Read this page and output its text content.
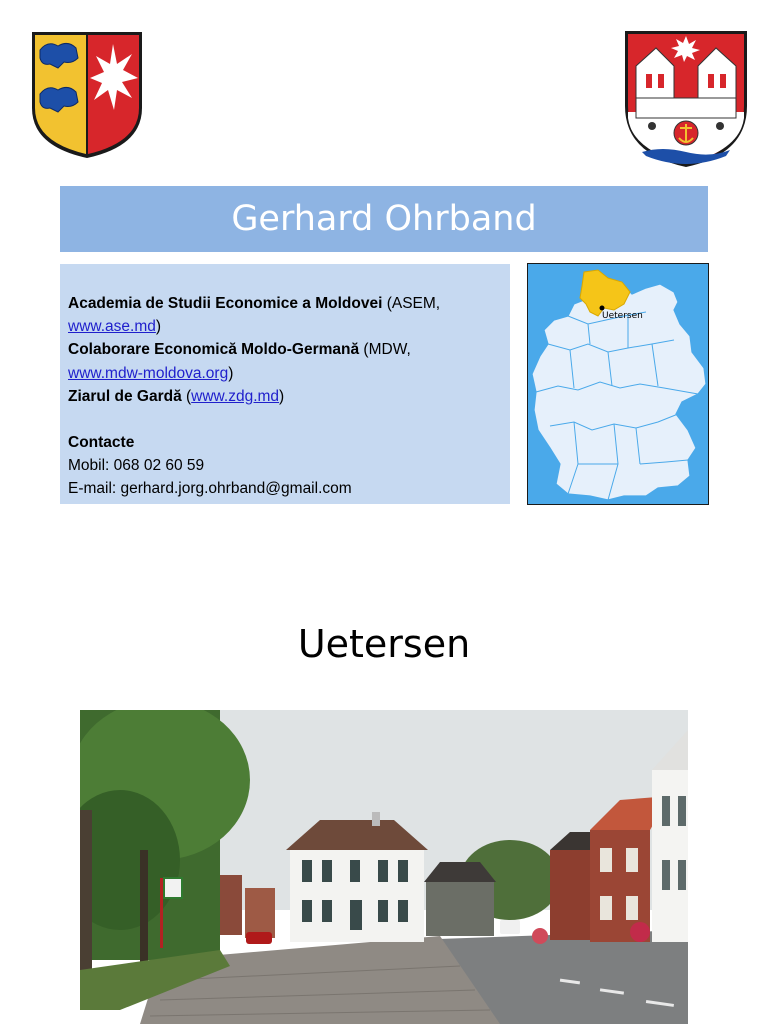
Gerhard Ohrband
Academia de Studii Economice a Moldovei (ASEM,
www.ase.md)
Colaborare Economică Moldo-Germană (MDW,
www.mdw-moldova.org)
Ziarul de Gardă (www.zdg.md)
Contacte
Mobil: 068 02 60 59
E-mail: gerhard.jorg.ohrband@gmail.com
Uetersen
Uetersen
